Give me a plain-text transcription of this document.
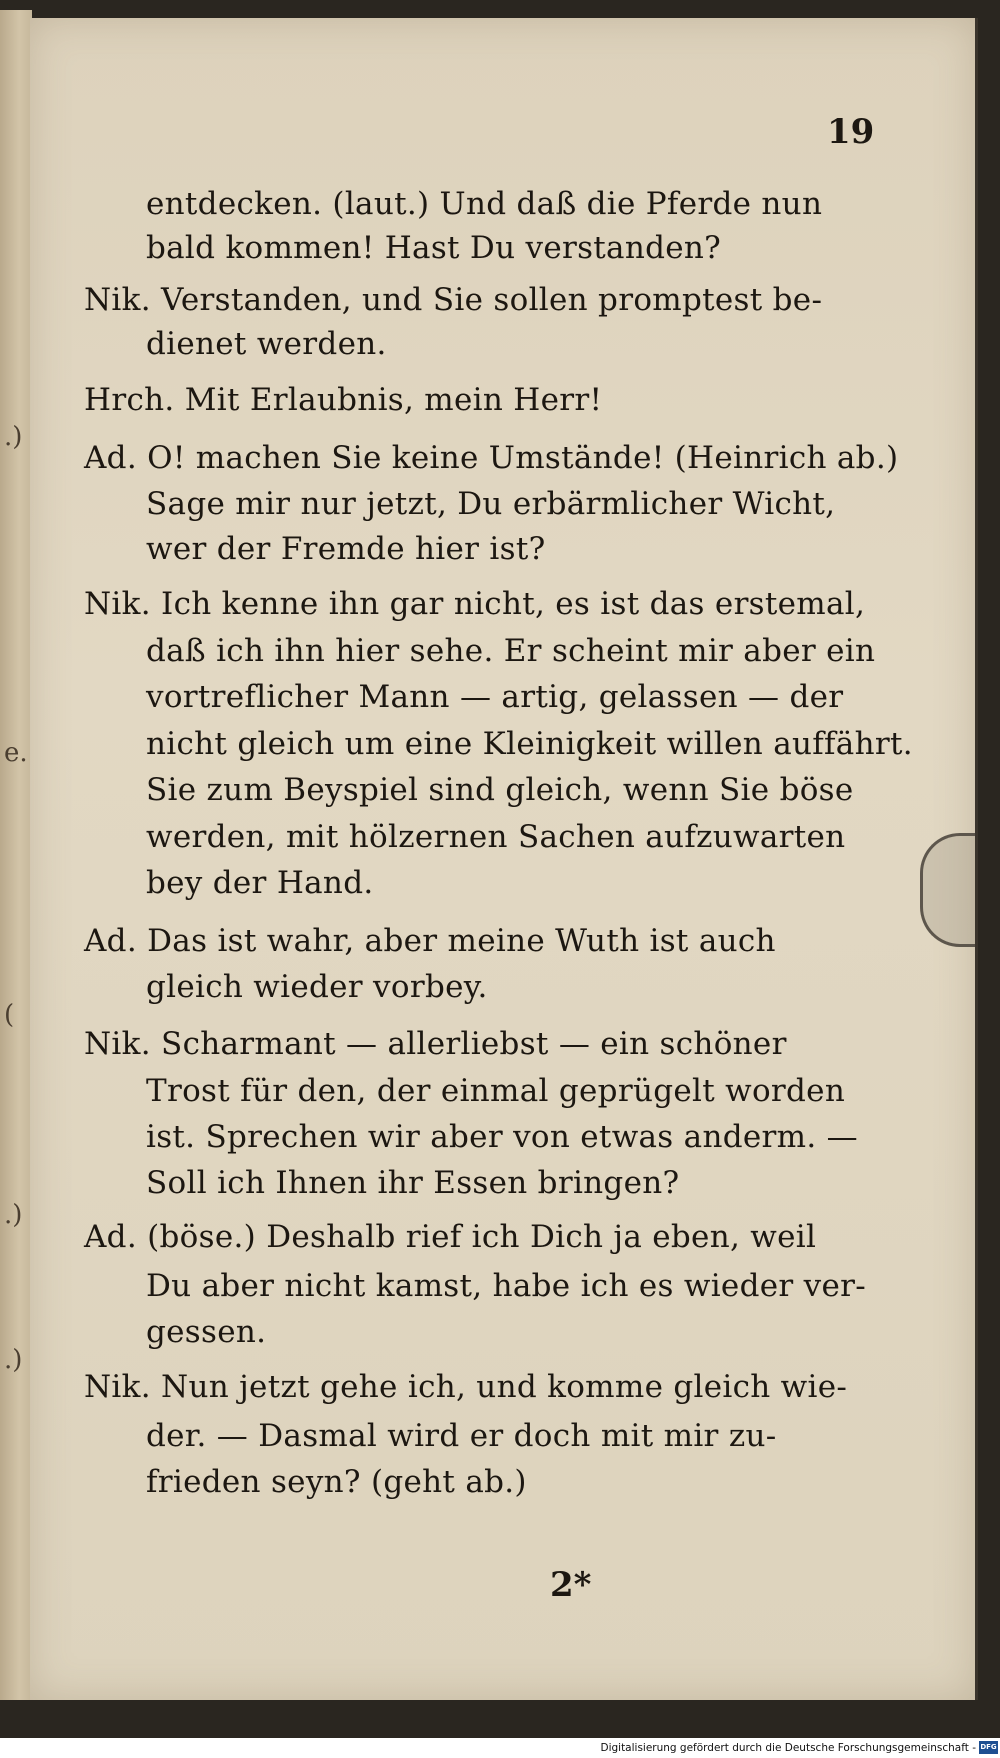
.)
e.
(
.)
.)
19
entdecken. (laut.) Und daß die Pferde nun
bald kommen! Hast Du verstanden?
Nik. Verstanden, und Sie sollen promptest be-
dienet werden.
Hrch. Mit Erlaubnis, mein Herr!
Ad. O! machen Sie keine Umstände! (Heinrich ab.)
Sage mir nur jetzt, Du erbärmlicher Wicht,
wer der Fremde hier ist?
Nik. Ich kenne ihn gar nicht, es ist das erstemal,
daß ich ihn hier sehe. Er scheint mir aber ein
vortreflicher Mann — artig, gelassen — der
nicht gleich um eine Kleinigkeit willen auffährt.
Sie zum Beyspiel sind gleich, wenn Sie böse
werden, mit hölzernen Sachen aufzuwarten
bey der Hand.
Ad. Das ist wahr, aber meine Wuth ist auch
gleich wieder vorbey.
Nik. Scharmant — allerliebst — ein schöner
Trost für den, der einmal geprügelt worden
ist. Sprechen wir aber von etwas anderm. —
Soll ich Ihnen ihr Essen bringen?
Ad. (böse.) Deshalb rief ich Dich ja eben, weil
Du aber nicht kamst, habe ich es wieder ver-
gessen.
Nik. Nun jetzt gehe ich, und komme gleich wie-
der. — Dasmal wird er doch mit mir zu-
frieden seyn? (geht ab.)
2*
Digitalisierung gefördert durch die Deutsche Forschungsgemeinschaft - DFG
